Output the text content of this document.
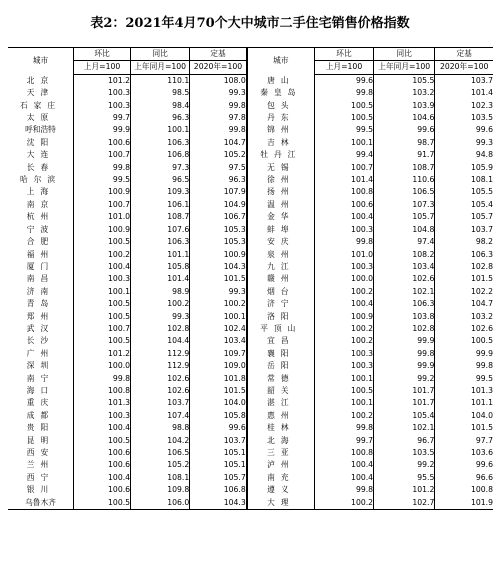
表2：2021年4月70个大中城市二手住宅销售价格指数
城市	环比	同比	定基	城市	环比	同比	定基
	上月=100	上年同月=100	2020年=100		上月=100	上年同月=100	2020年=100
北京	101.2	110.1	108.0	唐山	99.6	105.5	103.7
天津	100.3	98.5	99.3	秦皇岛	99.8	103.2	101.4
石家庄	100.3	98.4	99.8	包头	100.5	103.9	102.3
太原	99.7	96.3	97.8	丹东	100.5	104.6	103.5
呼和浩特	99.9	100.1	99.8	锦州	99.5	99.6	99.6
沈阳	100.6	106.3	104.7	吉林	100.1	98.7	99.3
大连	100.7	106.8	105.2	牡丹江	99.4	91.7	94.8
长春	99.8	97.3	97.5	无锡	100.7	108.7	105.9
哈尔滨	99.5	96.5	96.3	徐州	101.4	110.6	108.1
上海	100.9	109.3	107.9	扬州	100.8	106.5	105.5
南京	100.7	106.1	104.9	温州	100.6	107.3	105.4
杭州	101.0	108.7	106.7	金华	100.4	105.7	105.7
宁波	100.9	107.6	105.3	蚌埠	100.3	104.8	103.7
合肥	100.5	106.3	105.3	安庆	99.8	97.4	98.2
福州	100.2	101.1	100.9	泉州	101.0	108.2	106.3
厦门	100.4	105.8	104.3	九江	100.3	103.4	102.8
南昌	100.3	101.4	101.5	赣州	100.0	102.6	101.5
济南	100.1	98.9	99.3	烟台	100.2	102.1	102.2
青岛	100.5	100.2	100.2	济宁	100.4	106.3	104.7
郑州	100.5	99.3	100.1	洛阳	100.9	103.8	103.2
武汉	100.7	102.8	102.4	平顶山	100.2	102.8	102.6
长沙	100.5	104.4	103.4	宜昌	100.2	99.9	100.5
广州	101.2	112.9	109.7	襄阳	100.3	99.8	99.9
深圳	100.0	112.9	109.0	岳阳	100.3	99.9	99.8
南宁	99.8	102.6	101.8	常德	100.1	99.2	99.5
海口	100.8	102.6	101.5	韶关	100.5	101.7	101.3
重庆	101.3	103.7	104.0	湛江	100.1	101.7	101.1
成都	100.3	107.4	105.8	惠州	100.2	105.4	104.0
贵阳	100.4	98.8	99.6	桂林	99.8	102.1	101.5
昆明	100.5	104.2	103.7	北海	99.7	96.7	97.7
西安	100.6	106.5	105.1	三亚	100.8	103.5	103.6
兰州	100.6	105.2	105.1	泸州	100.4	99.2	99.6
西宁	100.4	108.1	105.7	南充	100.4	95.5	96.6
银川	100.6	109.8	106.8	遵义	99.8	101.2	100.8
乌鲁木齐	100.5	106.0	104.3	大理	100.2	102.7	101.9
